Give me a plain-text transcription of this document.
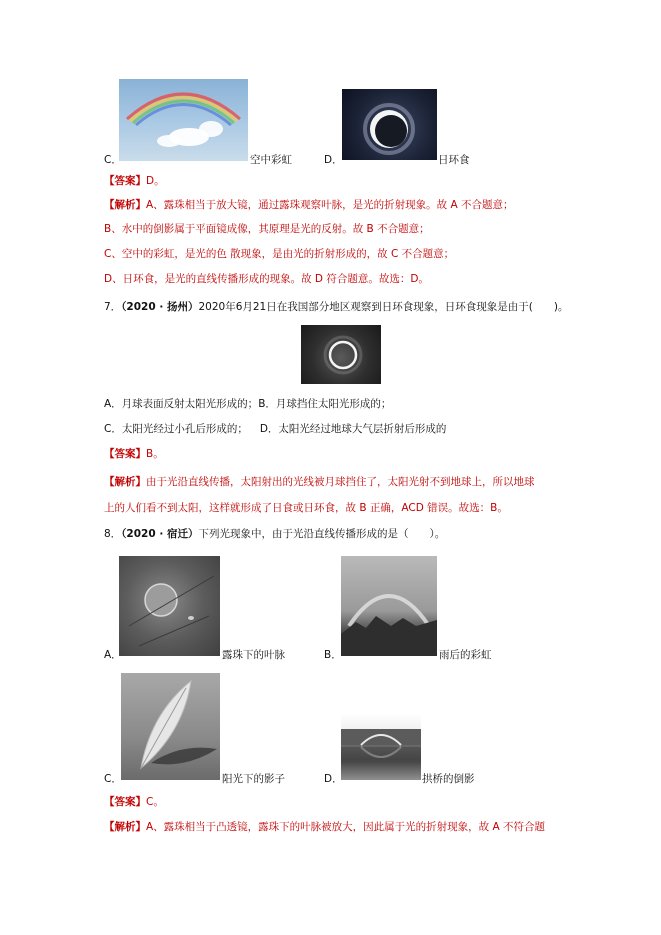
C．	空中彩虹	D．	日环食
【答案】D。
【解析】A、露珠相当于放大镜，通过露珠观察叶脉，是光的折射现象。故 A 不合题意；
B、水中的倒影属于平面镜成像，其原理是光的反射。故 B 不合题意；
C、空中的彩虹，是光的色 散现象，是由光的折射形成的，故 C 不合题意；
D、日环食，是光的直线传播形成的现象。故 D 符合题意。故选：D。
7．（2020 · 扬州）2020年6月21日在我国部分地区观察到日环食现象，日环食现象是由于(　　)。
A．月球表面反射太阳光形成的；B．月球挡住太阳光形成的；
C．太阳光经过小孔后形成的； D．太阳光经过地球大气层折射后形成的
【答案】B。
【解析】由于光沿直线传播，太阳射出的光线被月球挡住了，太阳光射不到地球上，所以地球
上的人们看不到太阳，这样就形成了日食或日环食，故 B 正确，ACD 错误。故选：B。
8．（2020 · 宿迁）下列光现象中，由于光沿直线传播形成的是（　　）。
A．	露珠下的叶脉	B．	雨后的彩虹
C．	阳光下的影子	D．	拱桥的倒影
【答案】C。
【解析】A、露珠相当于凸透镜，露珠下的叶脉被放大，因此属于光的折射现象，故 A 不符合题
